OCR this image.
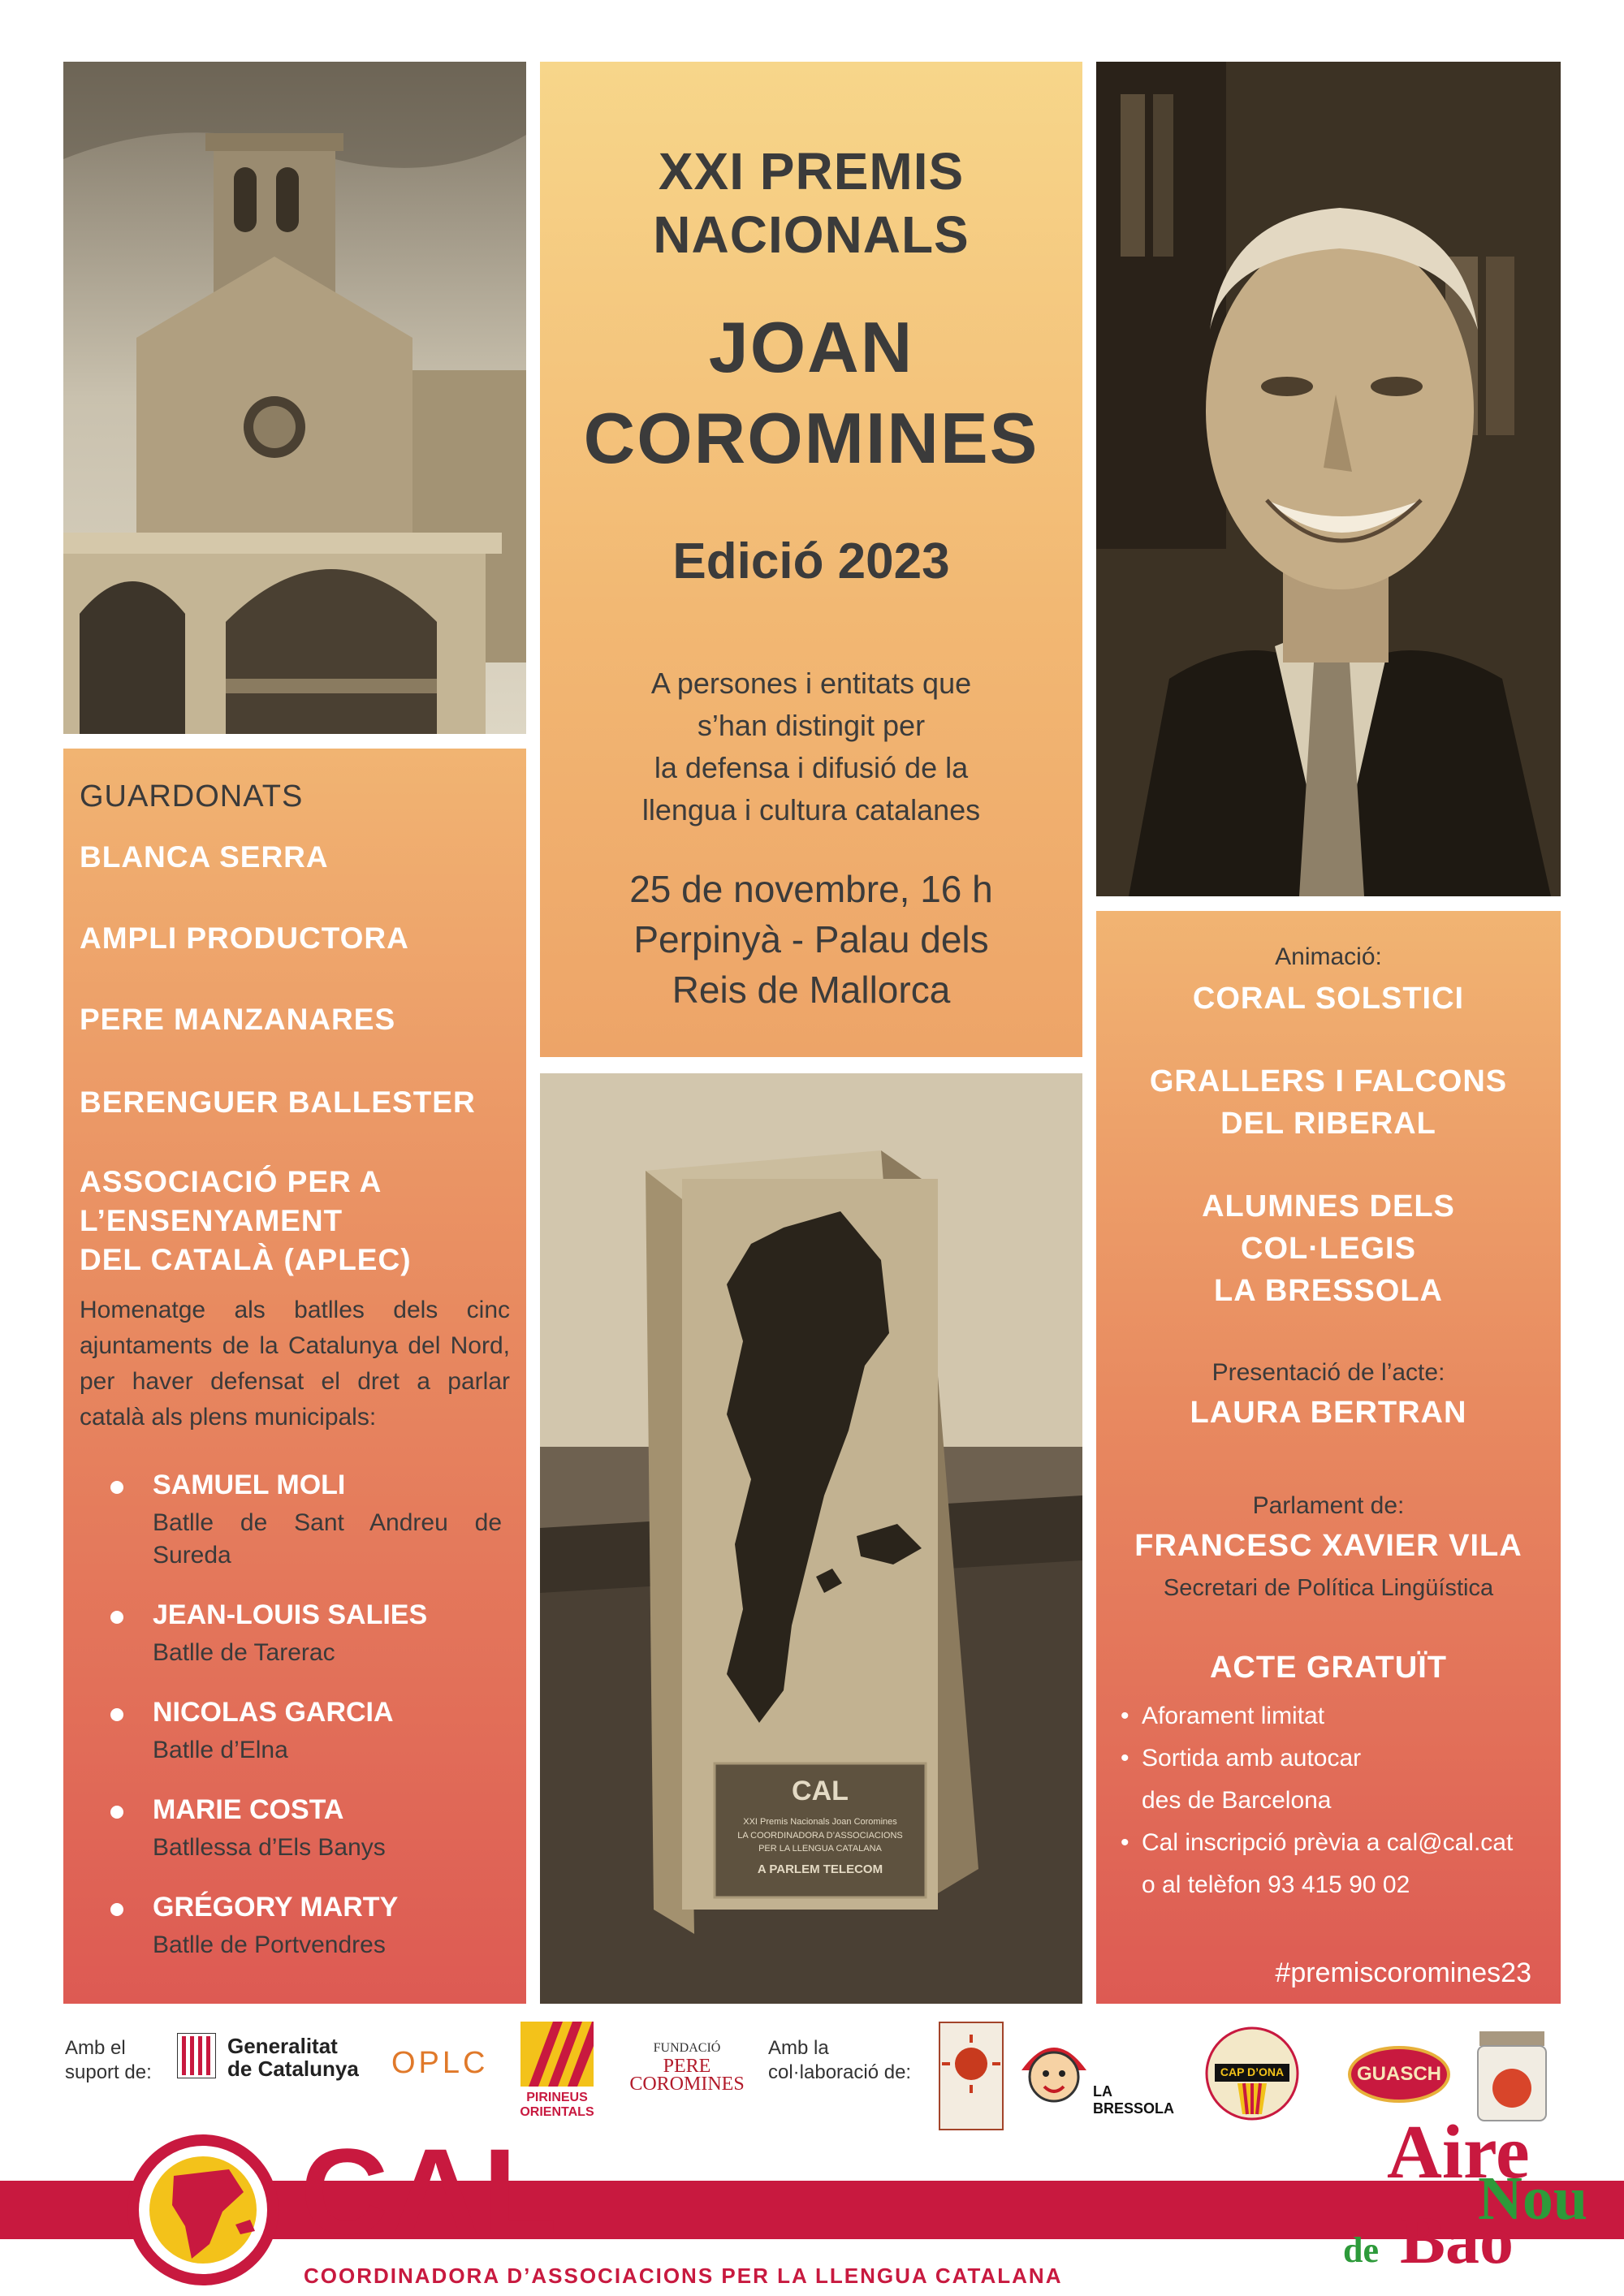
XXI PREMIS
NACIONALS
JOAN
COROMINES
Edició 2023
A persones i entitats que
s’han distingit per
la defensa i difusió de la
llengua i cultura catalanes
25 de novembre, 16 h
Perpinyà - Palau dels
Reis de Mallorca
CAL
XXI Premis Nacionals Joan Coromines
LA COORDINADORA D’ASSOCIACIONS
PER LA LLENGUA CATALANA
A PARLEM TELECOM
GUARDONATS
BLANCA SERRA
AMPLI PRODUCTORA
PERE MANZANARES
BERENGUER BALLESTER
ASSOCIACIÓ PER A
L’ENSENYAMENT
DEL CATALÀ (APLEC)
Homenatge als batlles dels cinc ajuntaments de la Catalunya del Nord, per haver defensat el dret a parlar català als plens municipals:
SAMUEL MOLI
Batlle de Sant Andreu de Sureda
JEAN-LOUIS SALIES
Batlle de Tarerac
NICOLAS GARCIA
Batlle d’Elna
MARIE COSTA
Batllessa d’Els Banys
GRÉGORY MARTY
Batlle de Portvendres
Animació:
CORAL SOLSTICI
GRALLERS I FALCONS
DEL RIBERAL
ALUMNES DELS
COL·LEGIS
LA BRESSOLA
Presentació de l’acte:
LAURA BERTRAN
Parlament de:
FRANCESC XAVIER VILA
Secretari de Política Lingüística
ACTE GRATUÏT
• Aforament limitat
• Sortida amb autocar
des de Barcelona
• Cal inscripció prèvia a cal@cal.cat
o al telèfon 93 415 90 02
#premiscoromines23
Amb el
suport de:
Generalitat
de Catalunya OPLC
PIRINEUS
ORIENTALS
FUNDACIÓ
PERE
COROMINES
Amb la
col·laboració de:
LA BRESSOLA
CAP D’ONA	GUASCH
CAL
COORDINADORA D’ASSOCIACIONS PER LA LLENGUA CATALANA
Aire
Nou
de Bao
